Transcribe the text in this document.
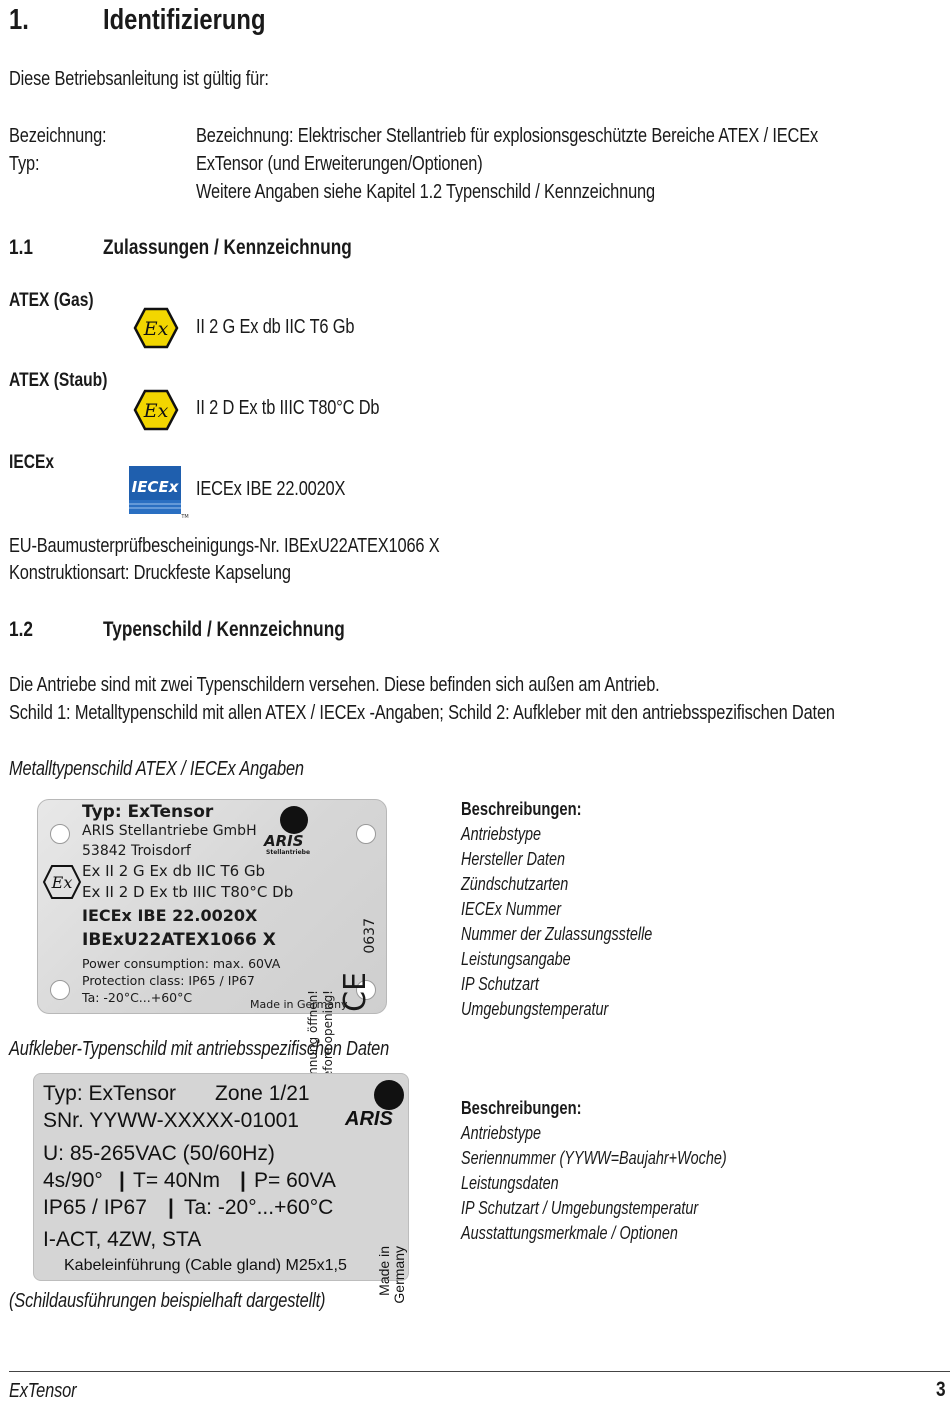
1.	Identifizierung
Diese Betriebsanleitung ist gültig für:
Bezeichnung:	Bezeichnung: Elektrischer Stellantrieb für explosionsgeschützte Bereiche ATEX / IECEx
Typ:	ExTensor (und Erweiterungen/Optionen)
Weitere Angaben siehe Kapitel 1.2 Typenschild / Kennzeichnung
1.1	Zulassungen / Kennzeichnung
ATEX (Gas)
Ex II 2 G Ex db IIC T6 Gb
ATEX (Staub)
Ex II 2 D Ex tb IIIC T80°C Db
IECEx
IECEx
TM
IECEx IBE 22.0020X
EU-Baumusterprüfbescheinigungs-Nr. IBExU22ATEX1066 X
Konstruktionsart: Druckfeste Kapselung
1.2	Typenschild / Kennzeichnung
Die Antriebe sind mit zwei Typenschildern versehen. Diese befinden sich außen am Antrieb.
Schild 1: Metalltypenschild mit allen ATEX / IECEx -Angaben; Schild 2: Aufkleber mit den antriebsspezifischen Daten
Metalltypenschild ATEX / IECEx Angaben
Typ: ExTensor
ARIS Stellantriebe GmbH
53842 Troisdorf
Ex
Ex II 2 G Ex db IIC T6 Gb
Ex II 2 D Ex tb IIIC T80°C Db
IECEx IBE 22.0020X
IBExU22ATEX1066 X
Power consumption: max. 60VA
Protection class: IP65 / IP67
Ta: -20°C...+60°C	Made in Germany
ARIS
Stellantriebe
0637
CE
Beschreibungen:
Antriebstype
Hersteller Daten
Zündschutzarten
IECEx Nummer
Nummer der Zulassungsstelle
Leistungsangabe
IP Schutzart
Umgebungstemperatur
Aufkleber-Typenschild mit antriebsspezifischen Daten
Typ: ExTensor Zone 1/21
SNr. YYWW-XXXXX-01001
U: 85-265VAC (50/60Hz)
4s/90° | T= 40Nm | P= 60VA
IP65 / IP67 | Ta: -20°...+60°C
I-ACT, 4ZW, STA
Kabeleinführung (Cable gland) M25x1,5
ARIS
Made in Germany
Beschreibungen:
Antriebstype
Seriennummer (YYWW=Baujahr+Woche)
Leistungsdaten
IP Schutzart / Umgebungstemperatur
Ausstattungsmerkmale / Optionen
(Schildausführungen beispielhaft dargestellt)
ExTensor	3
